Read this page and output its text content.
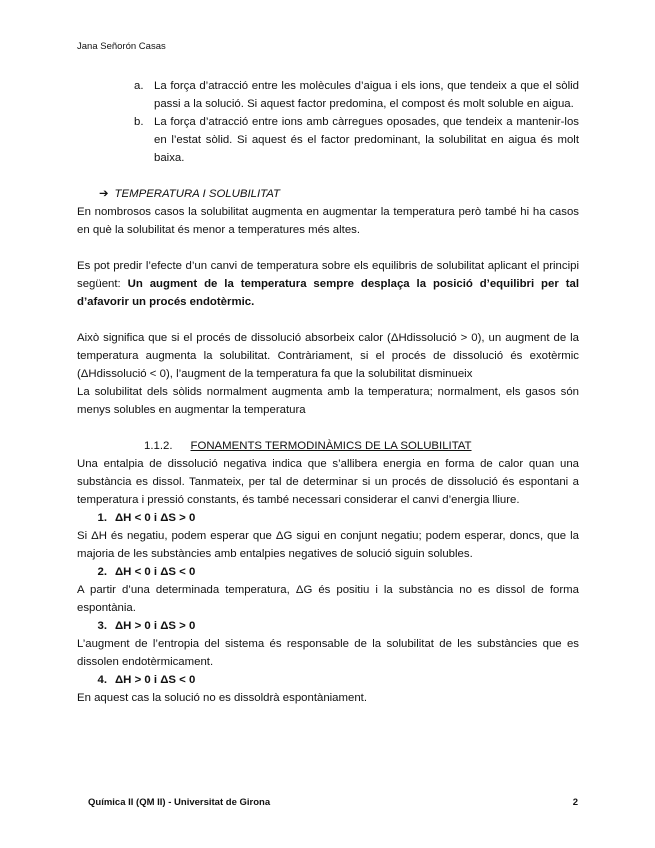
Jana Señorón Casas
a. La força d’atracció entre les molècules d’aigua i els ions, que tendeix a que el sòlid passi a la solució. Si aquest factor predomina, el compost és molt soluble en aigua.
b. La força d’atracció entre ions amb càrregues oposades, que tendeix a mantenir-los en l’estat sòlid. Si aquest és el factor predominant, la solubilitat en aigua és molt baixa.
➔ TEMPERATURA I SOLUBILITAT

En nombrosos casos la solubilitat augmenta en augmentar la temperatura però també hi ha casos en què la solubilitat és menor a temperatures més altes.

Es pot predir l’efecte d’un canvi de temperatura sobre els equilibris de solubilitat aplicant el principi següent: Un augment de la temperatura sempre desplaça la posició d’equilibri per tal d’afavorir un procés endotèrmic.

Això significa que si el procés de dissolució absorbeix calor (ΔHdissolució > 0), un augment de la temperatura augmenta la solubilitat. Contràriament, si el procés de dissolució és exotèrmic (ΔHdissolució < 0), l’augment de la temperatura fa que la solubilitat disminueix

La solubilitat dels sòlids normalment augmenta amb la temperatura; normalment, els gasos són menys solubles en augmentar la temperatura

1.1.2. FONAMENTS TERMODINÀMICS DE LA SOLUBILITAT

Una entalpia de dissolució negativa indica que s’allibera energia en forma de calor quan una substància es dissol. Tanmateix, per tal de determinar si un procés de dissolució és espontani a temperatura i pressió constants, és també necessari considerar el canvi d’energia lliure.

1. ΔH < 0 i ΔS > 0

Si ΔH és negatiu, podem esperar que ΔG sigui en conjunt negatiu; podem esperar, doncs, que la majoria de les substàncies amb entalpies negatives de solució siguin solubles.

2. ΔH < 0 i ΔS < 0

A partir d’una determinada temperatura, ΔG és positiu i la substància no es dissol de forma espontània.

3. ΔH > 0 i ΔS > 0

L’augment de l’entropia del sistema és responsable de la solubilitat de les substàncies que es dissolen endotèrmicament.

4. ΔH > 0 i ΔS < 0

En aquest cas la solució no es dissoldrà espontàniament.

Química II (QM II) - Universitat de Girona	2
